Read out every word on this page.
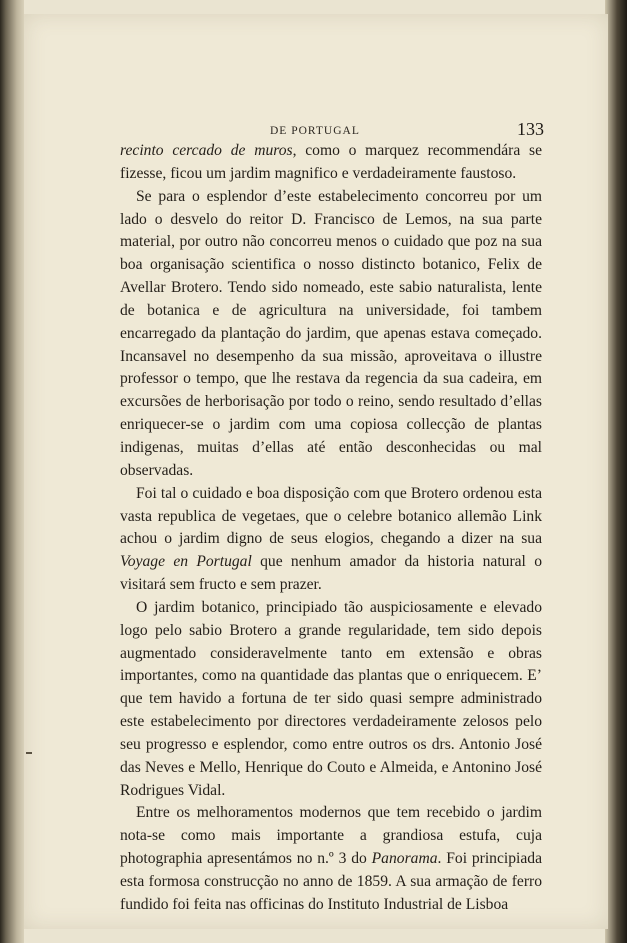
DE PORTUGAL	133

recinto cercado de muros, como o marquez recommendára se fizesse, ficou um jardim magnifico e verdadeiramente faustoso.

Se para o esplendor d’este estabelecimento concorreu por um lado o desvelo do reitor D. Francisco de Lemos, na sua parte material, por outro não concorreu menos o cuidado que poz na sua boa organisação scientifica o nosso distincto botanico, Felix de Avellar Brotero. Tendo sido nomeado, este sabio naturalista, lente de botanica e de agricultura na universidade, foi tambem encarregado da plantação do jardim, que apenas estava começado. Incansavel no desempenho da sua missão, aproveitava o illustre professor o tempo, que lhe restava da regencia da sua cadeira, em excursões de herborisação por todo o reino, sendo resultado d’ellas enriquecer-se o jardim com uma copiosa collecção de plantas indigenas, muitas d’ellas até então desconhecidas ou mal observadas.

Foi tal o cuidado e boa disposição com que Brotero ordenou esta vasta republica de vegetaes, que o celebre botanico allemão Link achou o jardim digno de seus elogios, chegando a dizer na sua Voyage en Portugal que nenhum amador da historia natural o visitará sem fructo e sem prazer.

O jardim botanico, principiado tão auspiciosamente e elevado logo pelo sabio Brotero a grande regularidade, tem sido depois augmentado consideravelmente tanto em extensão e obras importantes, como na quantidade das plantas que o enriquecem. E’ que tem havido a fortuna de ter sido quasi sempre administrado este estabelecimento por directores verdadeiramente zelosos pelo seu progresso e esplendor, como entre outros os drs. Antonio José das Neves e Mello, Henrique do Couto e Almeida, e Antonino José Rodrigues Vidal.

Entre os melhoramentos modernos que tem recebido o jardim nota-se como mais importante a grandiosa estufa, cuja photographia apresentámos no n.º 3 do Panorama. Foi principiada esta formosa construcção no anno de 1859. A sua armação de ferro fundido foi feita nas officinas do Instituto Industrial de Lisboa
